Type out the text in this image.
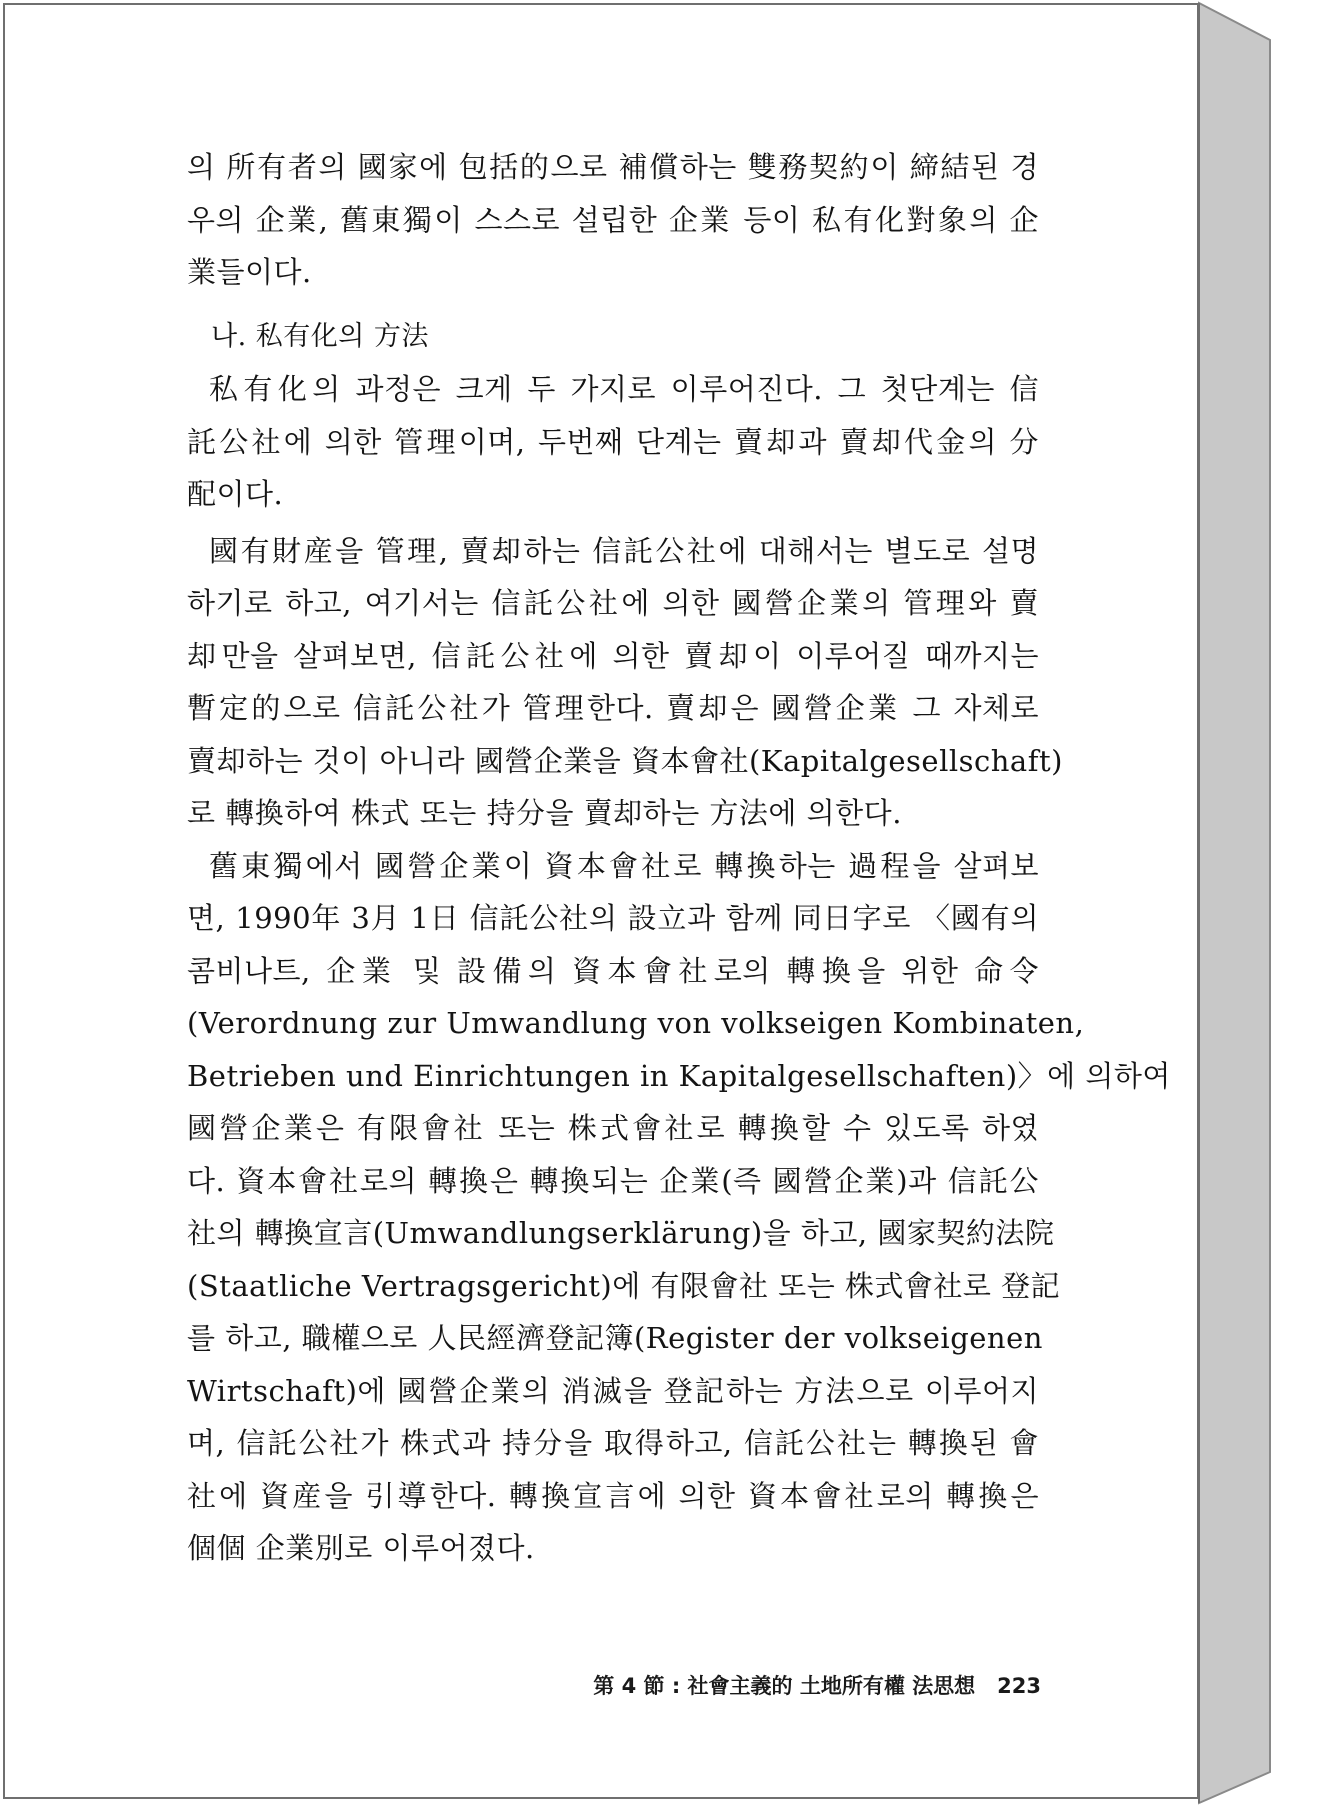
의 所有者의 國家에 包括的으로 補償하는 雙務契約이 締結된 경
우의 企業, 舊東獨이 스스로 설립한 企業 등이 私有化對象의 企
業들이다.
나. 私有化의 方法
私有化의 과정은 크게 두 가지로 이루어진다. 그 첫단계는 信
託公社에 의한 管理이며, 두번째 단계는 賣却과 賣却代金의 分
配이다.
國有財産을 管理, 賣却하는 信託公社에 대해서는 별도로 설명
하기로 하고, 여기서는 信託公社에 의한 國營企業의 管理와 賣
却만을 살펴보면, 信託公社에 의한 賣却이 이루어질 때까지는
暫定的으로 信託公社가 管理한다. 賣却은 國營企業 그 자체로
賣却하는 것이 아니라 國營企業을 資本會社(Kapitalgesellschaft)
로 轉換하여 株式 또는 持分을 賣却하는 方法에 의한다.
舊東獨에서 國營企業이 資本會社로 轉換하는 過程을 살펴보
면, 1990年 3月 1日 信託公社의 設立과 함께 同日字로 〈國有의
콤비나트, 企業 및 設備의 資本會社로의 轉換을 위한 命令
(Verordnung zur Umwandlung von volkseigen Kombinaten,
Betrieben und Einrichtungen in Kapitalgesellschaften)〉에 의하여
國營企業은 有限會社 또는 株式會社로 轉換할 수 있도록 하였
다. 資本會社로의 轉換은 轉換되는 企業(즉 國營企業)과 信託公
社의 轉換宣言(Umwandlungserklärung)을 하고, 國家契約法院
(Staatliche Vertragsgericht)에 有限會社 또는 株式會社로 登記
를 하고, 職權으로 人民經濟登記簿(Register der volkseigenen
Wirtschaft)에 國營企業의 消滅을 登記하는 方法으로 이루어지
며, 信託公社가 株式과 持分을 取得하고, 信託公社는 轉換된 會
社에 資産을 引導한다. 轉換宣言에 의한 資本會社로의 轉換은
個個 企業別로 이루어졌다.
第 4 節 : 社會主義的 土地所有權 法思想 223
